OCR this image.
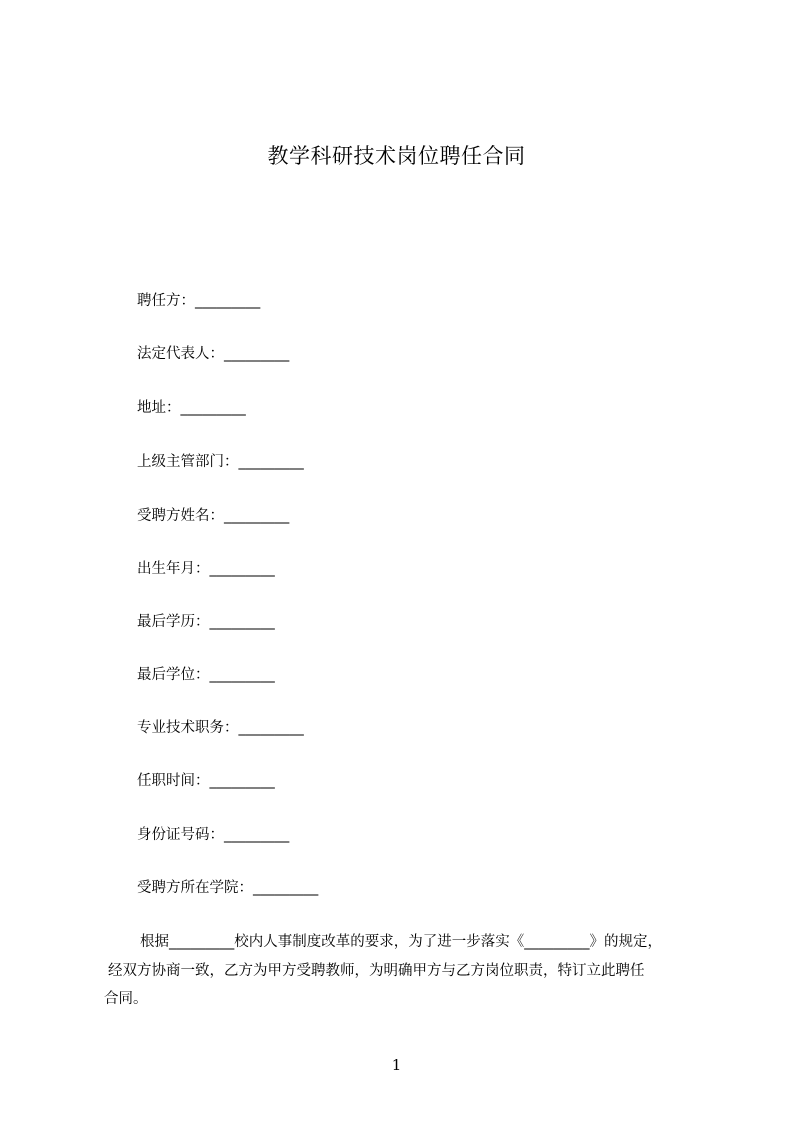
教学科研技术岗位聘任合同
聘任方：_________
法定代表人：_________
地址：_________
上级主管部门：_________
受聘方姓名：_________
出生年月：_________
最后学历：_________
最后学位：_________
专业技术职务：_________
任职时间：_________
身份证号码：_________
受聘方所在学院：_________
根据_________校内人事制度改革的要求，为了进一步落实《_________》的规定，
经双方协商一致，乙方为甲方受聘教师，为明确甲方与乙方岗位职责，特订立此聘任
合同。
1
